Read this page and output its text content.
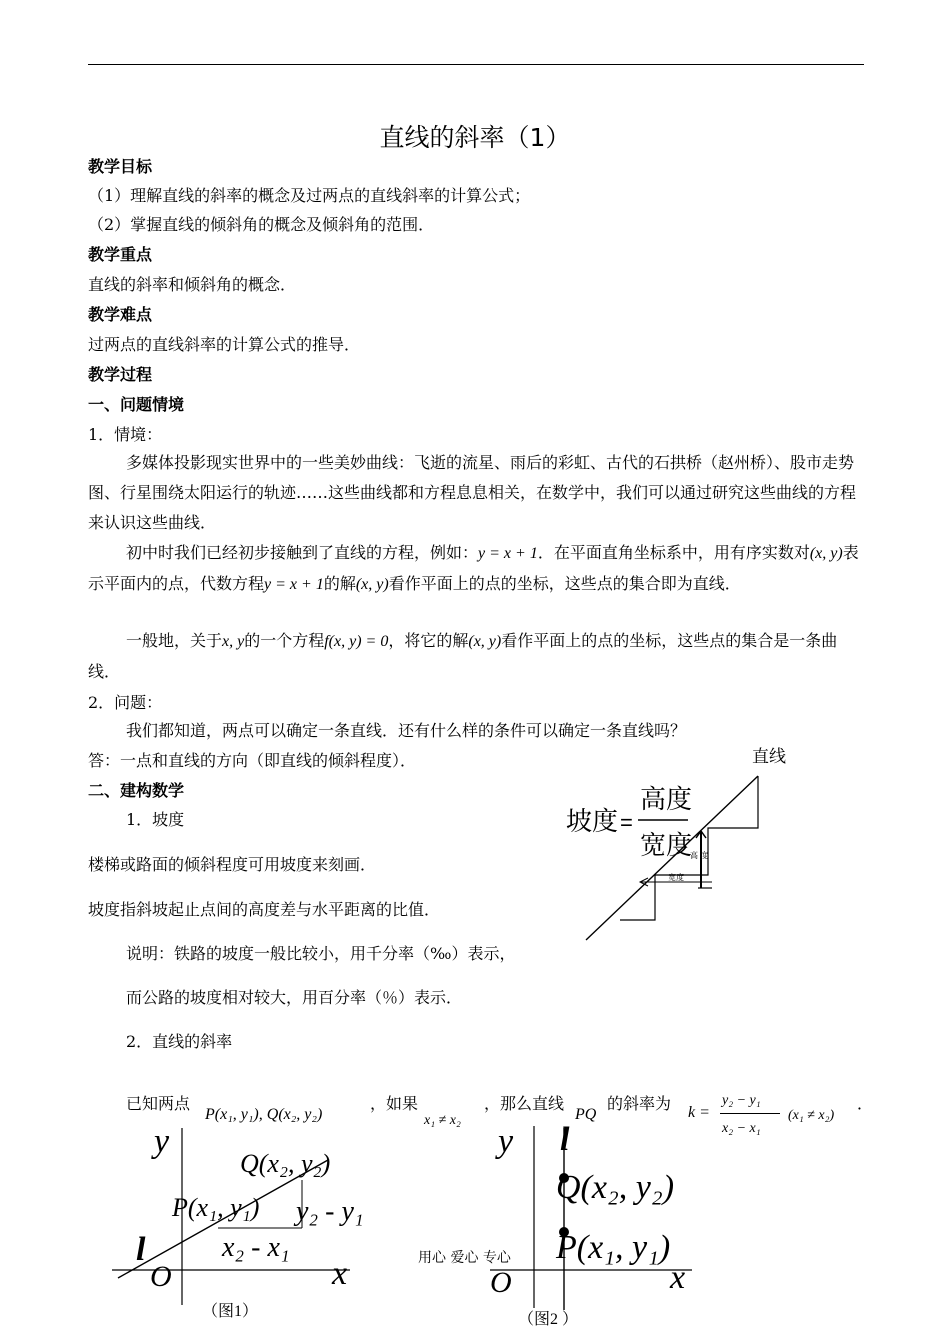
直线的斜率（1）
教学目标
（1）理解直线的斜率的概念及过两点的直线斜率的计算公式；
（2）掌握直线的倾斜角的概念及倾斜角的范围．
教学重点
直线的斜率和倾斜角的概念．
教学难点
过两点的直线斜率的计算公式的推导．
教学过程
一、问题情境
1．情境：
多媒体投影现实世界中的一些美妙曲线：飞逝的流星、雨后的彩虹、古代的石拱桥（赵州桥）、股市走势图、行星围绕太阳运行的轨迹……这些曲线都和方程息息相关，在数学中，我们可以通过研究这些曲线的方程来认识这些曲线．
初中时我们已经初步接触到了直线的方程，例如：y = x + 1．在平面直角坐标系中，用有序实数对(x, y)表示平面内的点，代数方程y = x + 1的解(x, y)看作平面上的点的坐标，这些点的集合即为直线．
一般地，关于x, y的一个方程f(x, y) = 0，将它的解(x, y)看作平面上的点的坐标，这些点的集合是一条曲线．
2．问题：
我们都知道，两点可以确定一条直线．还有什么样的条件可以确定一条直线吗？
答：一点和直线的方向（即直线的倾斜程度）．
二、建构数学
1．坡度
楼梯或路面的倾斜程度可用坡度来刻画．
坡度指斜坡起止点间的高度差与水平距离的比值．
说明：铁路的坡度一般比较小，用千分率（‰）表示，
而公路的坡度相对较大，用百分率（％）表示．
2．直线的斜率
已知两点
P(x₁, y₁), Q(x₂, y₂)
，如果
x₁ ≠ x₂
，那么直线
PQ
的斜率为 k =
y₂ − y₁
x₂ − x₁
(x₁ ≠ x₂)
．
直线
高 度
宽度
坡度 =
高度
宽度
y
x
O
l
Q(x₂, y₂)
P(x₁, y₁) y₂ - y₁
x₂ - x₁
（图1）
y
x
O
l
Q(x₂, y₂)
P(x₁, y₁)
（图2 ）
用心 爱心 专心
